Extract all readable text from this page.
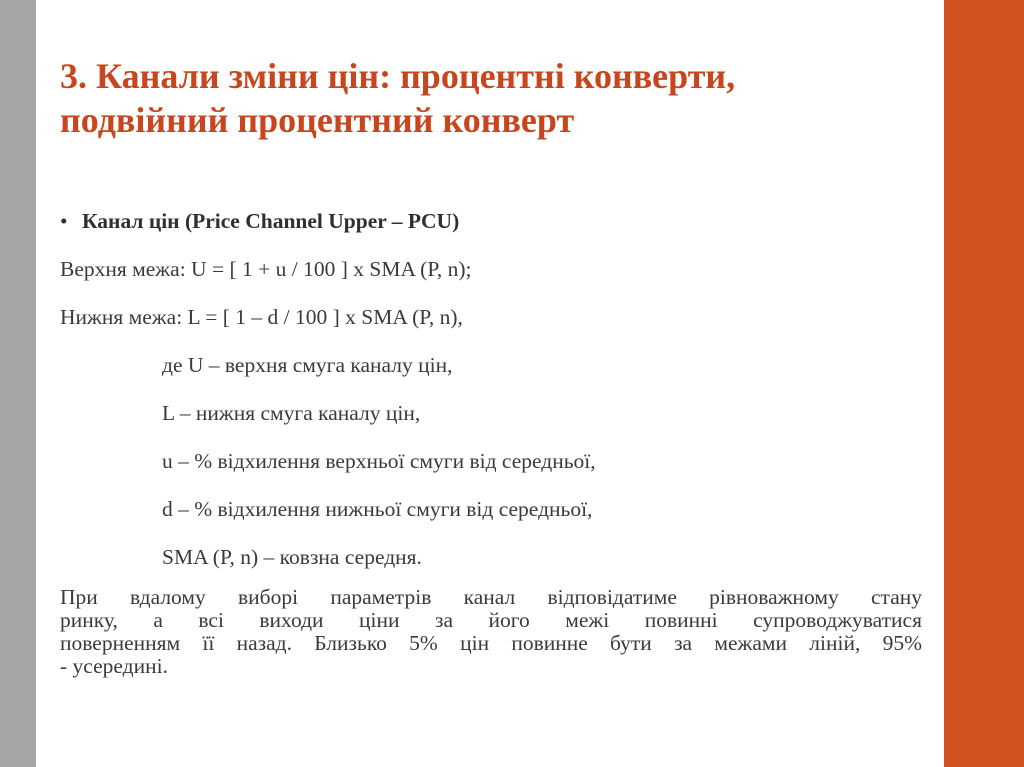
3. Канали зміни цін: процентні конверти,
подвійний процентний конверт
• Канал цін (Price Channel Upper – PCU)
Верхня межа: U = [ 1 + u / 100 ] x SMA (P, n);
Нижня межа: L = [ 1 – d / 100 ] x SMA (P, n),
де U – верхня смуга каналу цін,
L – нижня смуга каналу цін,
u – % відхилення верхньої смуги від середньої,
d – % відхилення нижньої смуги від середньої,
SMA (P, n) – ковзна середня.
При вдалому виборі параметрів канал відповідатиме рівноважному стану
ринку, а всі виходи ціни за його межі повинні супроводжуватися
поверненням її назад. Близько 5% цін повинне бути за межами ліній, 95%
- усередині.
